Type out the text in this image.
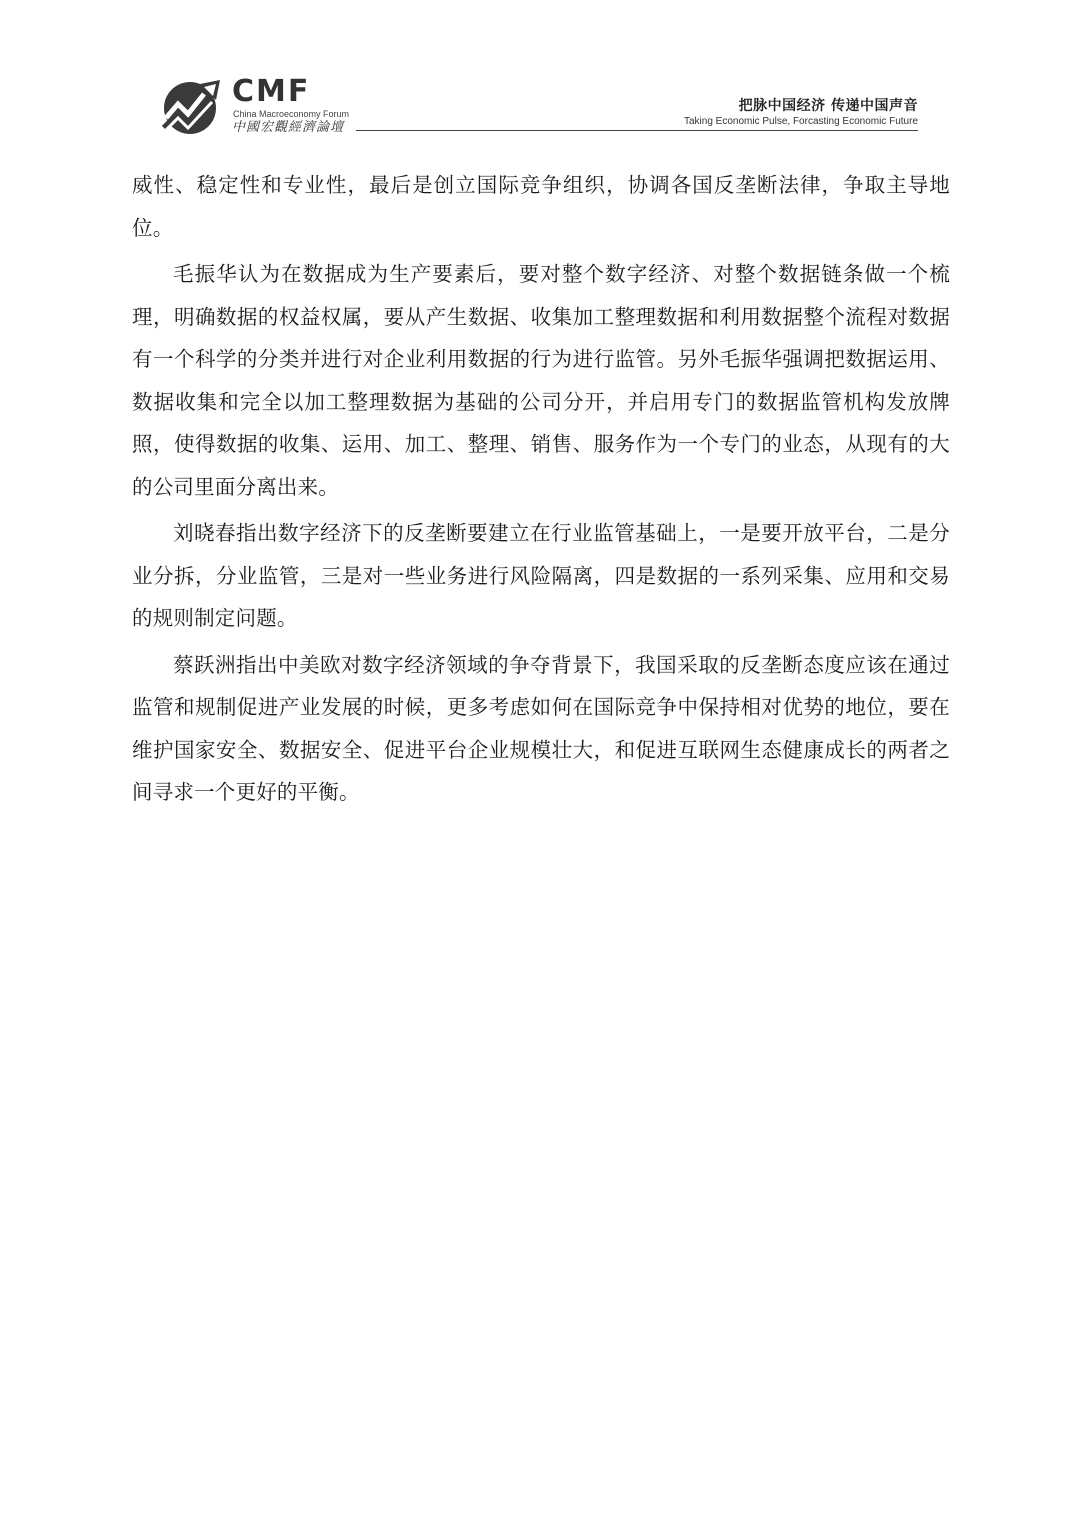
CMF
China Macroeconomy Forum
中國宏觀經濟論壇
把脉中国经济 传递中国声音
Taking Economic Pulse, Forcasting Economic Future

威性、稳定性和专业性，最后是创立国际竞争组织，协调各国反垄断法律，争取主导地位。

毛振华认为在数据成为生产要素后，要对整个数字经济、对整个数据链条做一个梳理，明确数据的权益权属，要从产生数据、收集加工整理数据和利用数据整个流程对数据有一个科学的分类并进行对企业利用数据的行为进行监管。另外毛振华强调把数据运用、数据收集和完全以加工整理数据为基础的公司分开，并启用专门的数据监管机构发放牌照，使得数据的收集、运用、加工、整理、销售、服务作为一个专门的业态，从现有的大的公司里面分离出来。

刘晓春指出数字经济下的反垄断要建立在行业监管基础上，一是要开放平台，二是分业分拆，分业监管，三是对一些业务进行风险隔离，四是数据的一系列采集、应用和交易的规则制定问题。

蔡跃洲指出中美欧对数字经济领域的争夺背景下，我国采取的反垄断态度应该在通过监管和规制促进产业发展的时候，更多考虑如何在国际竞争中保持相对优势的地位，要在维护国家安全、数据安全、促进平台企业规模壮大，和促进互联网生态健康成长的两者之间寻求一个更好的平衡。
